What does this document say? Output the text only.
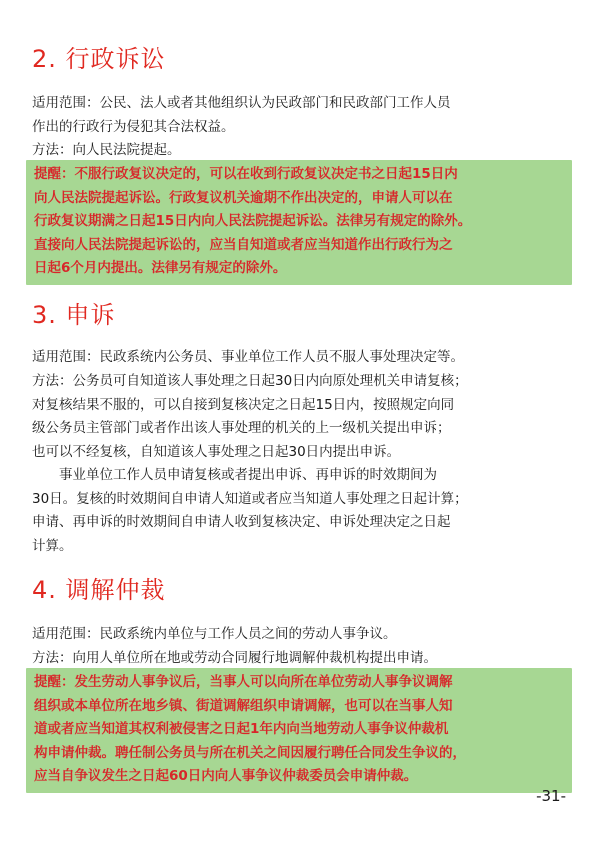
2. 行政诉讼

适用范围：公民、法人或者其他组织认为民政部门和民政部门工作人员
作出的行政行为侵犯其合法权益。

方法：向人民法院提起。

提醒：不服行政复议决定的，可以在收到行政复议决定书之日起15日内
向人民法院提起诉讼。行政复议机关逾期不作出决定的，申请人可以在
行政复议期满之日起15日内向人民法院提起诉讼。法律另有规定的除外。
直接向人民法院提起诉讼的，应当自知道或者应当知道作出行政行为之
日起6个月内提出。法律另有规定的除外。
3. 申诉

适用范围：民政系统内公务员、事业单位工作人员不服人事处理决定等。

方法：公务员可自知道该人事处理之日起30日内向原处理机关申请复核；
对复核结果不服的，可以自接到复核决定之日起15日内，按照规定向同
级公务员主管部门或者作出该人事处理的机关的上一级机关提出申诉；
也可以不经复核，自知道该人事处理之日起30日内提出申诉。

事业单位工作人员申请复核或者提出申诉、再申诉的时效期间为
30日。复核的时效期间自申请人知道或者应当知道人事处理之日起计算；
申请、再申诉的时效期间自申请人收到复核决定、申诉处理决定之日起
计算。

4. 调解仲裁

适用范围：民政系统内单位与工作人员之间的劳动人事争议。

方法：向用人单位所在地或劳动合同履行地调解仲裁机构提出申请。

提醒：发生劳动人事争议后，当事人可以向所在单位劳动人事争议调解
组织或本单位所在地乡镇、街道调解组织申请调解，也可以在当事人知
道或者应当知道其权利被侵害之日起1年内向当地劳动人事争议仲裁机
构申请仲裁。聘任制公务员与所在机关之间因履行聘任合同发生争议的，
应当自争议发生之日起60日内向人事争议仲裁委员会申请仲裁。
-31-
